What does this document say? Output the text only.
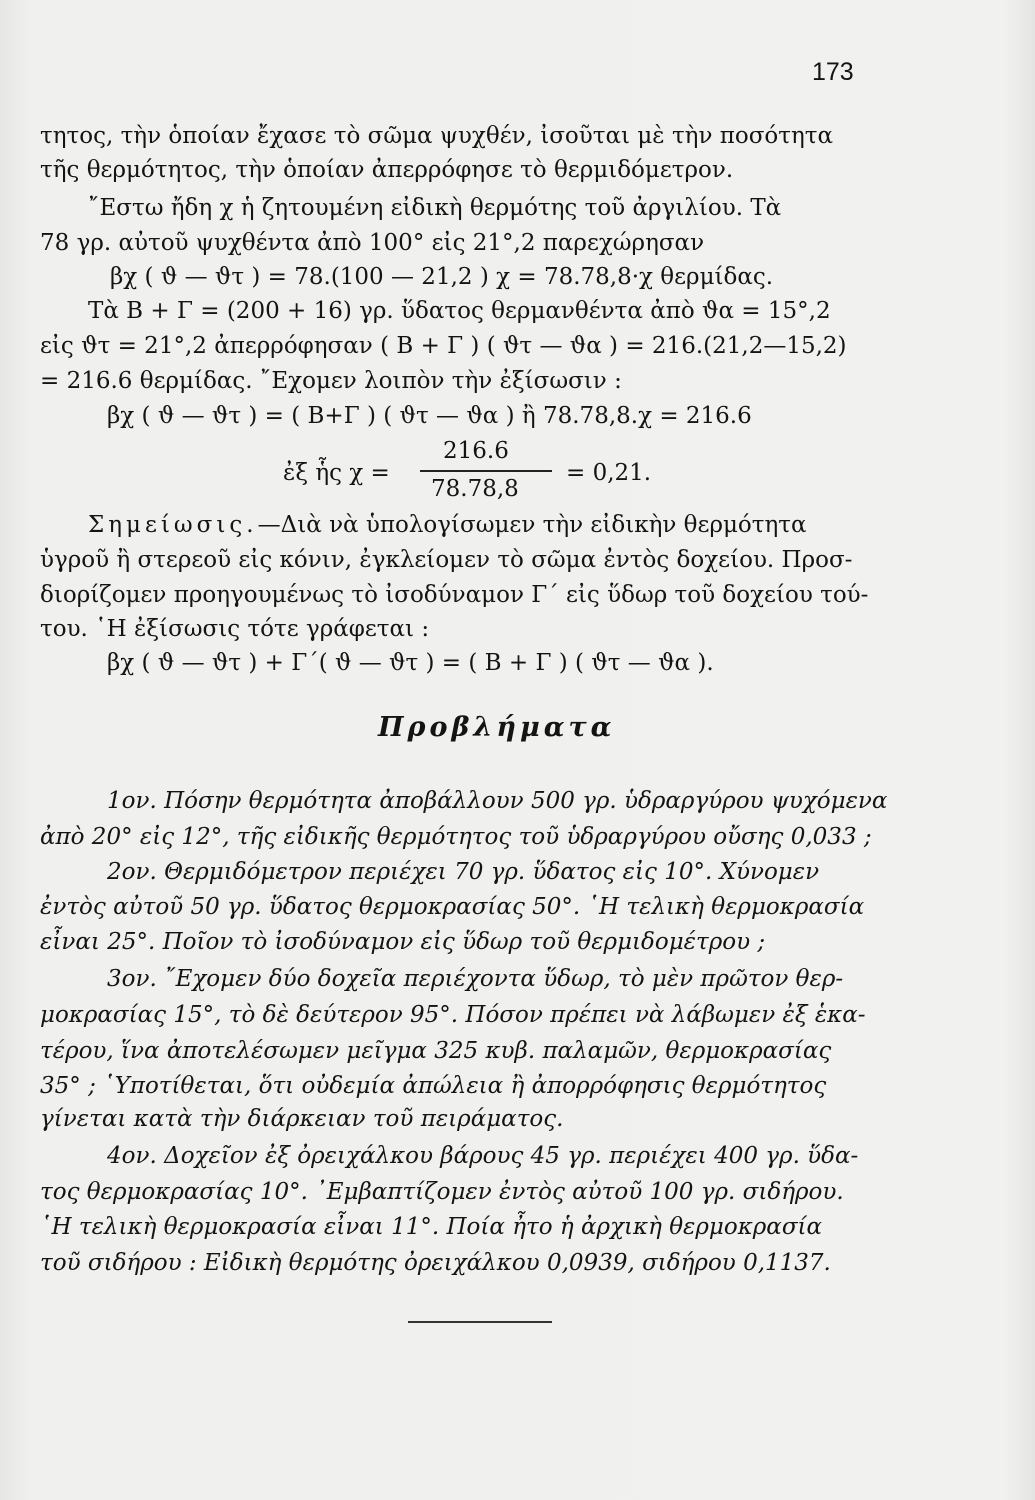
173
τητος, τὴν ὁποίαν ἔχασε τὸ σῶμα ψυχθέν, ἰσοῦται μὲ τὴν ποσότητα
τῆς θερμότητος, τὴν ὁποίαν ἀπερρόφησε τὸ θερμιδόμετρον.
῎Εστω ἤδη χ ἡ ζητουμένη εἰδικὴ θερμότης τοῦ ἀργιλίου. Τὰ
78 γρ. αὐτοῦ ψυχθέντα ἀπὸ 100° εἰς 21°,2 παρεχώρησαν
βχ ( ϑ — ϑτ ) = 78.(100 — 21,2 ) χ = 78.78,8·χ θερμίδας.
Τὰ Β + Γ = (200 + 16) γρ. ὕδατος θερμανθέντα ἀπὸ ϑα = 15°,2
εἰς ϑτ = 21°,2 ἀπερρόφησαν ( Β + Γ ) ( ϑτ — ϑα ) = 216.(21,2—15,2)
= 216.6 θερμίδας. ῎Εχομεν λοιπὸν τὴν ἐξίσωσιν :
βχ ( ϑ — ϑτ ) = ( Β+Γ ) ( ϑτ — ϑα ) ἢ 78.78,8.χ = 216.6
ἐξ ἧς χ =
216.6
78.78,8
= 0,21.
Σημείωσις.—Διὰ νὰ ὑπολογίσωμεν τὴν εἰδικὴν θερμότητα
ὑγροῦ ἢ στερεοῦ εἰς κόνιν, ἐγκλείομεν τὸ σῶμα ἐντὸς δοχείου. Προσ-
διορίζομεν προηγουμένως τὸ ἰσοδύναμον Γ΄ εἰς ὕδωρ τοῦ δοχείου τού-
του. ῾Η ἐξίσωσις τότε γράφεται :
βχ ( ϑ — ϑτ ) + Γ΄( ϑ — ϑτ ) = ( Β + Γ ) ( ϑτ — ϑα ).
Προβλήματα
1ον. Πόσην θερμότητα ἀποβάλλουν 500 γρ. ὑδραργύρου ψυχόμενα
ἀπὸ 20° εἰς 12°, τῆς εἰδικῆς θερμότητος τοῦ ὑδραργύρου οὔσης 0,033 ;
2ον. Θερμιδόμετρον περιέχει 70 γρ. ὕδατος εἰς 10°. Χύνομεν
ἐντὸς αὐτοῦ 50 γρ. ὕδατος θερμοκρασίας 50°. ῾Η τελικὴ θερμοκρασία
εἶναι 25°. Ποῖον τὸ ἰσοδύναμον εἰς ὕδωρ τοῦ θερμιδομέτρου ;
3ον. ῎Εχομεν δύο δοχεῖα περιέχοντα ὕδωρ, τὸ μὲν πρῶτον θερ-
μοκρασίας 15°, τὸ δὲ δεύτερον 95°. Πόσον πρέπει νὰ λάβωμεν ἐξ ἑκα-
τέρου, ἵνα ἀποτελέσωμεν μεῖγμα 325 κυβ. παλαμῶν, θερμοκρασίας
35° ; ῾Υποτίθεται, ὅτι οὐδεμία ἀπώλεια ἢ ἀπορρόφησις θερμότητος
γίνεται κατὰ τὴν διάρκειαν τοῦ πειράματος.
4ον. Δοχεῖον ἐξ ὀρειχάλκου βάρους 45 γρ. περιέχει 400 γρ. ὕδα-
τος θερμοκρασίας 10°. ᾿Εμβαπτίζομεν ἐντὸς αὐτοῦ 100 γρ. σιδήρου.
῾Η τελικὴ θερμοκρασία εἶναι 11°. Ποία ἦτο ἡ ἀρχικὴ θερμοκρασία
τοῦ σιδήρου : Εἰδικὴ θερμότης ὀρειχάλκου 0,0939, σιδήρου 0,1137.
